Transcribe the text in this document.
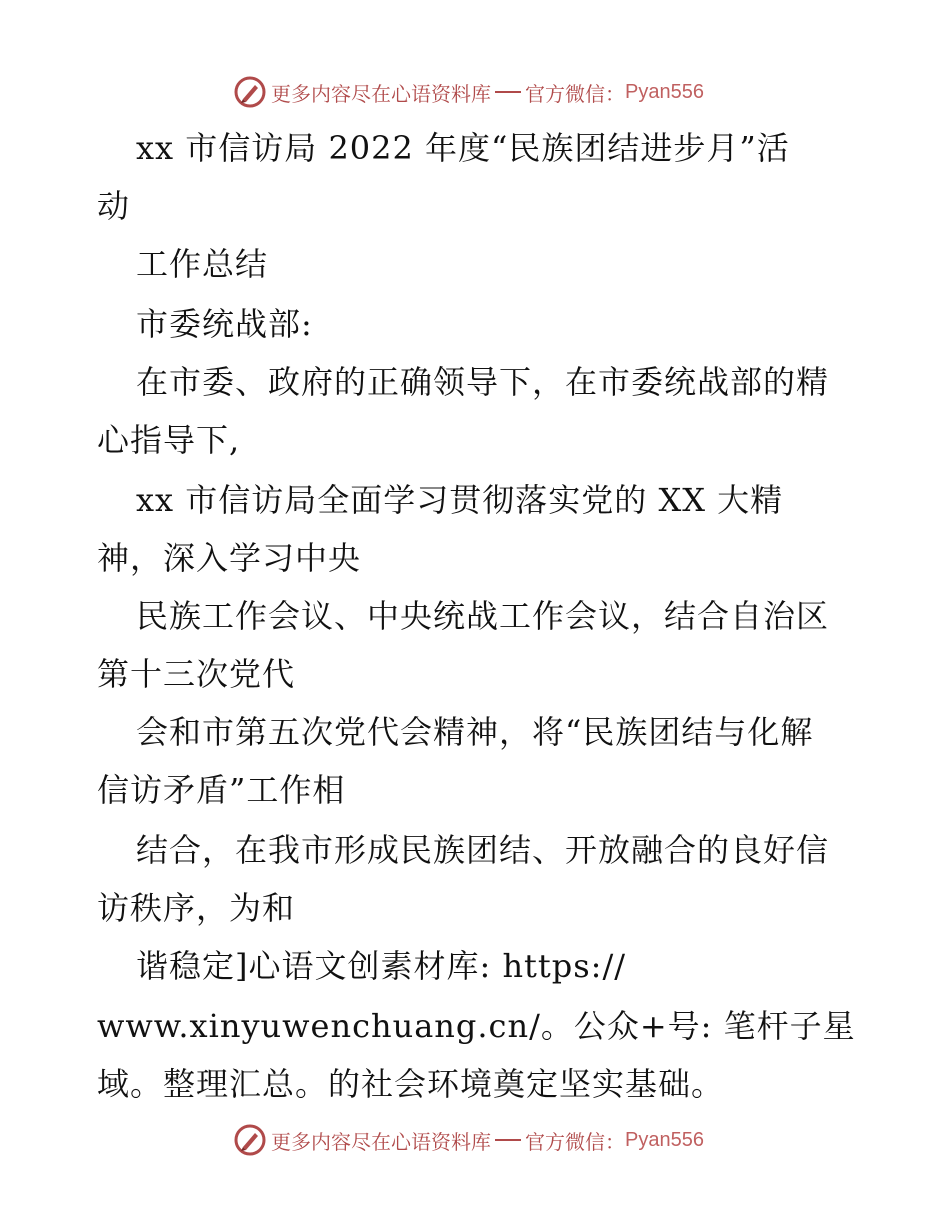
更多内容尽在心语资料库 官方微信： Pyan556
xx 市信访局 2022 年度“民族团结进步月”活
动
工作总结
市委统战部:
在市委、政府的正确领导下，在市委统战部的精
心指导下,
xx 市信访局全面学习贯彻落实党的 XX 大精
神，深入学习中央
民族工作会议、中央统战工作会议，结合自治区
第十三次党代
会和市第五次党代会精神，将“民族团结与化解
信访矛盾”工作相
结合，在我市形成民族团结、开放融合的良好信
访秩序，为和
谐稳定]心语文创素材库: https://
www.xinyuwenchuang.cn/。公众+号: 笔杆子星
域。整理汇总。的社会环境奠定坚实基础。
更多内容尽在心语资料库 官方微信： Pyan556
